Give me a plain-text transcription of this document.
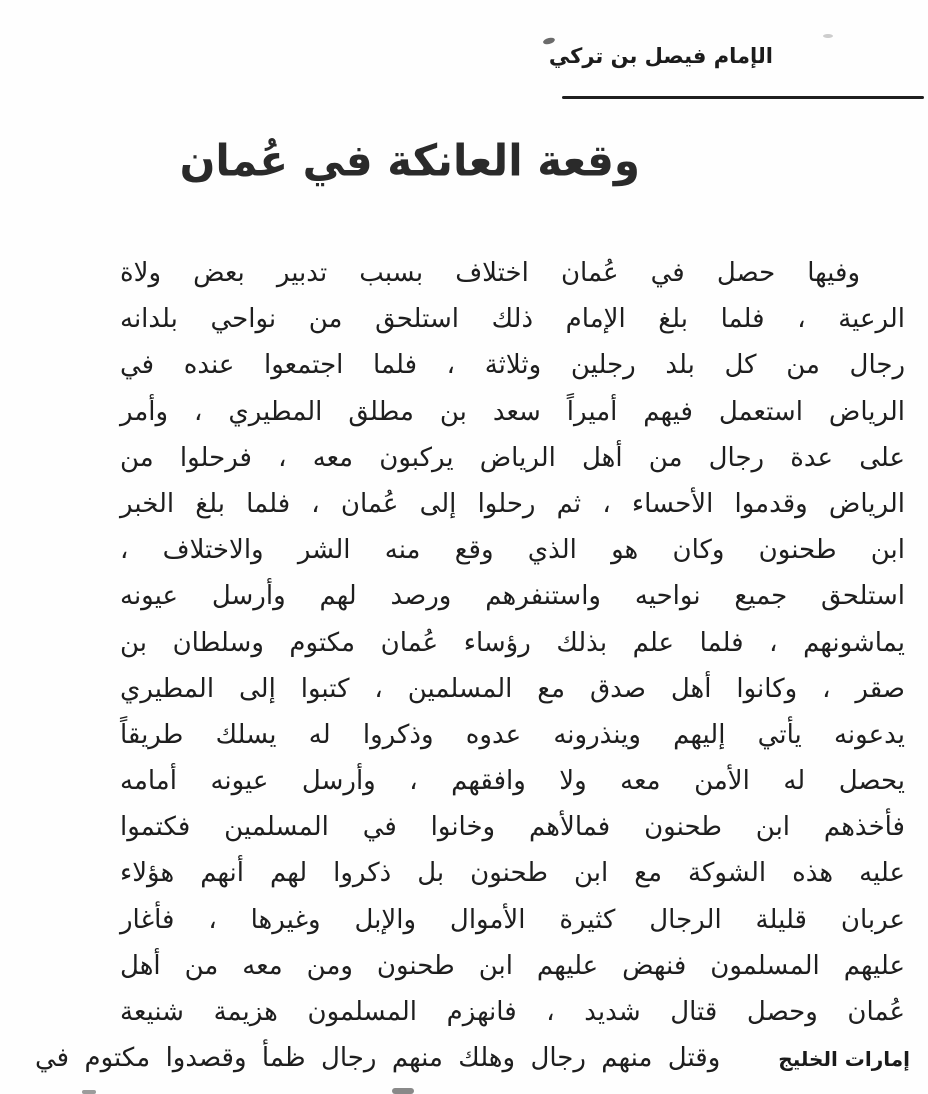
الإمام فيصل بن تركي
وقعة العانكة في عُمان
وفيها حصل في عُمان اختلاف بسبب تدبير بعض ولاة
الرعية ، فلما بلغ الإمام ذلك استلحق من نواحي بلدانه
رجال من كل بلد رجلين وثلاثة ، فلما اجتمعوا عنده في
الرياض استعمل فيهم أميراً سعد بن مطلق المطيري ، وأمر
على عدة رجال من أهل الرياض يركبون معه ، فرحلوا من
الرياض وقدموا الأحساء ، ثم رحلوا إلى عُمان ، فلما بلغ الخبر
ابن طحنون وكان هو الذي وقع منه الشر والاختلاف ،
استلحق جميع نواحيه واستنفرهم ورصد لهم وأرسل عيونه
يماشونهم ، فلما علم بذلك رؤساء عُمان مكتوم وسلطان بن
صقر ، وكانوا أهل صدق مع المسلمين ، كتبوا إلى المطيري
يدعونه يأتي إليهم وينذرونه عدوه وذكروا له يسلك طريقاً
يحصل له الأمن معه ولا وافقهم ، وأرسل عيونه أمامه
فأخذهم ابن طحنون فمالأهم وخانوا في المسلمين فكتموا
عليه هذه الشوكة مع ابن طحنون بل ذكروا لهم أنهم هؤلاء
عربان قليلة الرجال كثيرة الأموال والإبل وغيرها ، فأغار
عليهم المسلمون فنهض عليهم ابن طحنون ومن معه من أهل
عُمان وحصل قتال شديد ، فانهزم المسلمون هزيمة شنيعة
إمارات الخليج
وقتل منهم رجال وهلك منهم رجال ظمأ وقصدوا مكتوم في
